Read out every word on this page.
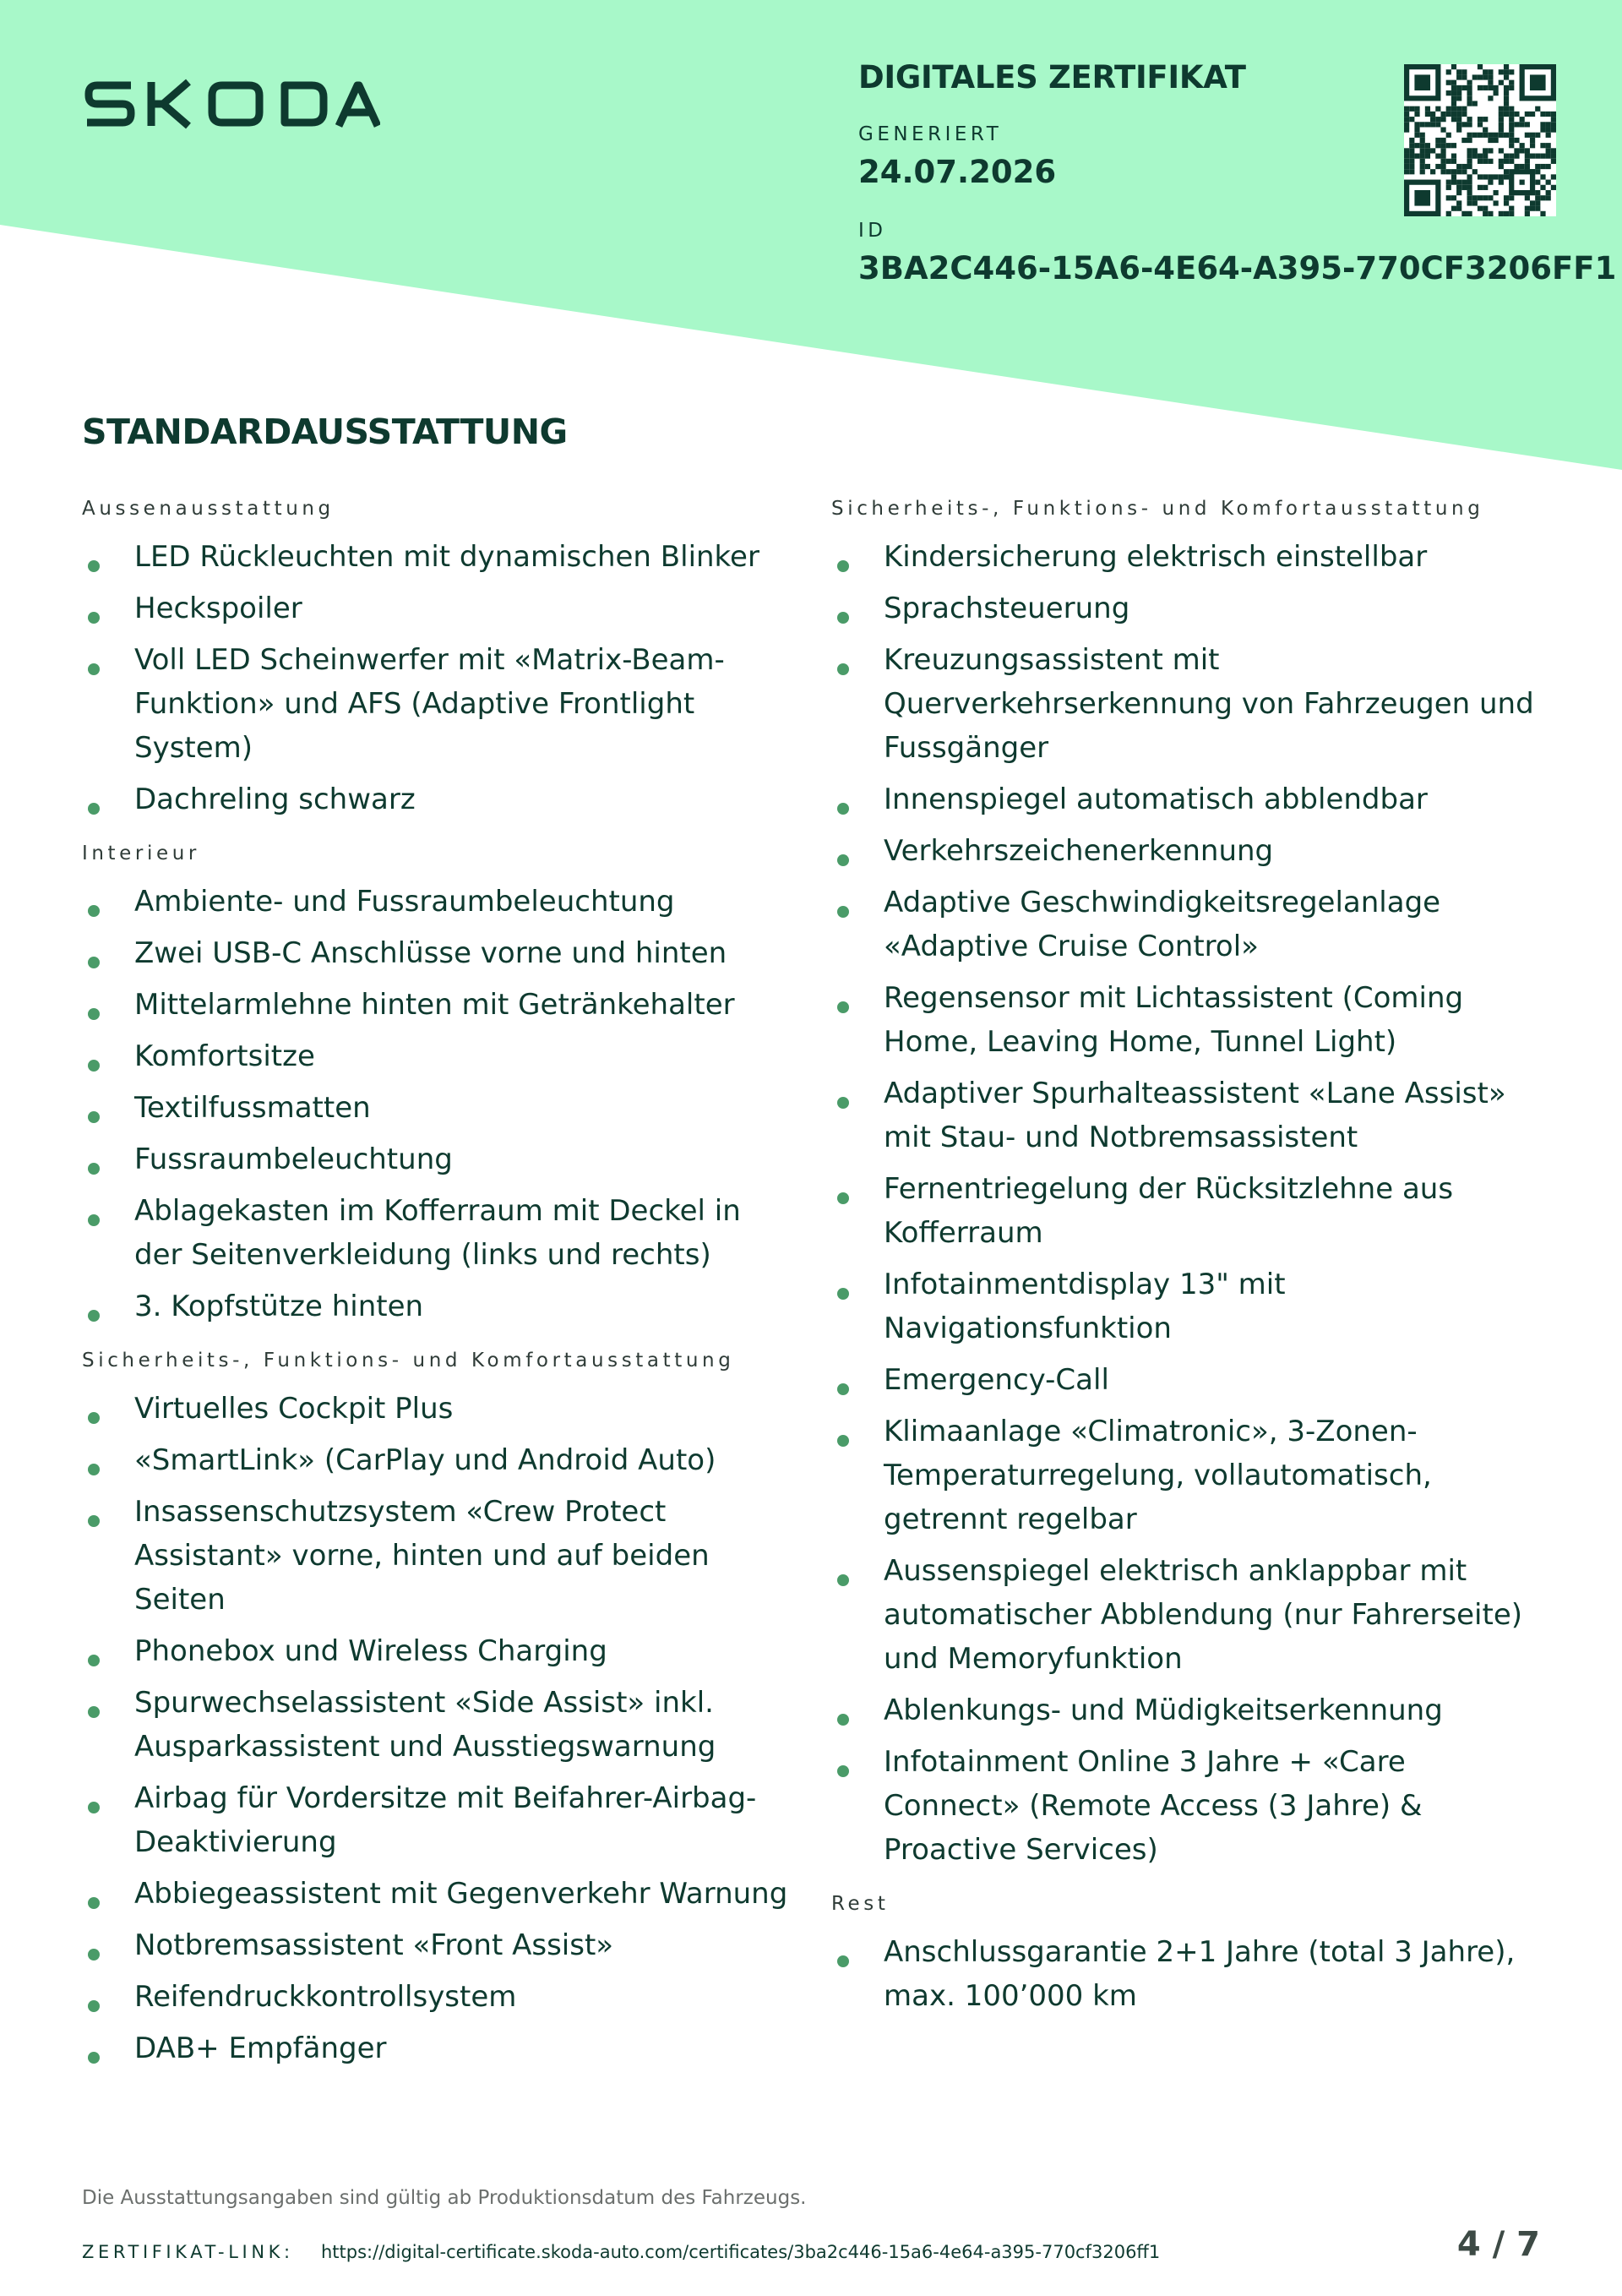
DIGITALES ZERTIFIKAT
GENERIERT
24.07.2026
ID
3BA2C446-15A6-4E64-A395-770CF3206FF1
STANDARDAUSSTATTUNG
Aussenausstattung
LED Rückleuchten mit dynamischen Blinker
Heckspoiler
Voll LED Scheinwerfer mit «Matrix-Beam-Funktion» und AFS (Adaptive Frontlight System)
Dachreling schwarz
Interieur
Ambiente- und Fussraumbeleuchtung
Zwei USB-C Anschlüsse vorne und hinten
Mittelarmlehne hinten mit Getränkehalter
Komfortsitze
Textilfussmatten
Fussraumbeleuchtung
Ablagekasten im Kofferraum mit Deckel in der Seitenverkleidung (links und rechts)
3. Kopfstütze hinten
Sicherheits-, Funktions- und Komfortausstattung
Virtuelles Cockpit Plus
«SmartLink» (CarPlay und Android Auto)
Insassenschutzsystem «Crew Protect Assistant» vorne, hinten und auf beiden Seiten
Phonebox und Wireless Charging
Spurwechselassistent «Side Assist» inkl. Ausparkassistent und Ausstiegswarnung
Airbag für Vordersitze mit Beifahrer-Airbag-Deaktivierung
Abbiegeassistent mit Gegenverkehr Warnung
Notbremsassistent «Front Assist»
Reifendruckkontrollsystem
DAB+ Empfänger
Sicherheits-, Funktions- und Komfortausstattung
Kindersicherung elektrisch einstellbar
Sprachsteuerung
Kreuzungsassistent mit Querverkehrserkennung von Fahrzeugen und Fussgänger
Innenspiegel automatisch abblendbar
Verkehrszeichenerkennung
Adaptive Geschwindigkeitsregelanlage «Adaptive Cruise Control»
Regensensor mit Lichtassistent (Coming Home, Leaving Home, Tunnel Light)
Adaptiver Spurhalteassistent «Lane Assist» mit Stau- und Notbremsassistent
Fernentriegelung der Rücksitzlehne aus Kofferraum
Infotainmentdisplay 13" mit Navigationsfunktion
Emergency-Call
Klimaanlage «Climatronic», 3-Zonen-Temperaturregelung, vollautomatisch, getrennt regelbar
Aussenspiegel elektrisch anklappbar mit automatischer Abblendung (nur Fahrerseite) und Memoryfunktion
Ablenkungs- und Müdigkeitserkennung
Infotainment Online 3 Jahre + «Care Connect» (Remote Access (3 Jahre) & Proactive Services)
Rest
Anschlussgarantie 2+1 Jahre (total 3 Jahre), max. 100’000 km
Die Ausstattungsangaben sind gültig ab Produktionsdatum des Fahrzeugs.
ZERTIFIKAT-LINK: https://digital-certificate.skoda-auto.com/certificates/3ba2c446-15a6-4e64-a395-770cf3206ff1	4 / 7
